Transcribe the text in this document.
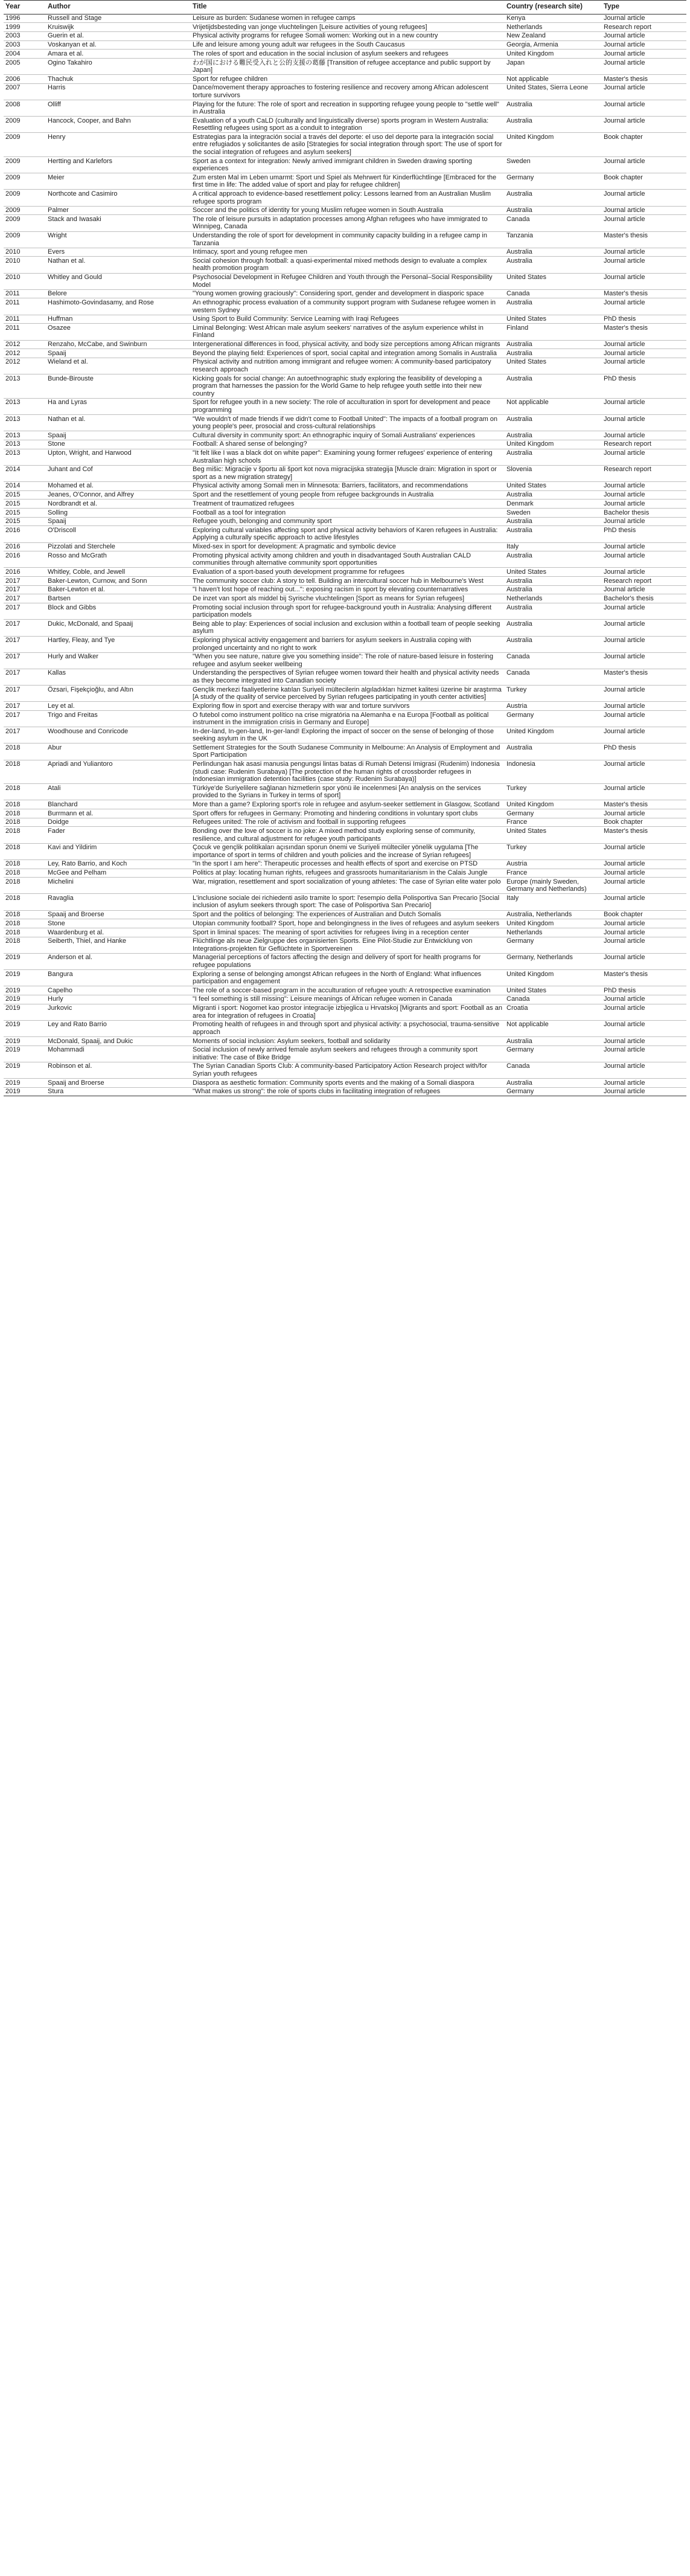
Year	Author	Title	Country (research site)	Type
1996	Russell and Stage	Leisure as burden: Sudanese women in refugee camps	Kenya	Journal article
1999	Kruiswijk	Vrijetijdsbesteding van jonge vluchtelingen [Leisure activities of young refugees]	Netherlands	Research report
2003	Guerin et al.	Physical activity programs for refugee Somali women: Working out in a new country	New Zealand	Journal article
2003	Voskanyan et al.	Life and leisure among young adult war refugees in the South Caucasus	Georgia, Armenia	Journal article
2004	Amara et al.	The roles of sport and education in the social inclusion of asylum seekers and refugees	United Kingdom	Journal article
2005	Ogino Takahiro	わが国における難民受入れと公的支援の葛藤 [Transition of refugee acceptance and public support by Japan]	Japan	Journal article
2006	Thachuk	Sport for refugee children	Not applicable	Master's thesis
2007	Harris	Dance/movement therapy approaches to fostering resilience and recovery among African adolescent torture survivors	United States, Sierra Leone	Journal article
2008	Olliff	Playing for the future: The role of sport and recreation in supporting refugee young people to "settle well" in Australia	Australia	Journal article
2009	Hancock, Cooper, and Bahn	Evaluation of a youth CaLD (culturally and linguistically diverse) sports program in Western Australia: Resettling refugees using sport as a conduit to integration	Australia	Journal article
2009	Henry	Estrategias para la integración social a través del deporte: el uso del deporte para la integración social entre refugiados y solicitantes de asilo [Strategies for social integration through sport: The use of sport for the social integration of refugees and asylum seekers]	United Kingdom	Book chapter
2009	Hertting and Karlefors	Sport as a context for integration: Newly arrived immigrant children in Sweden drawing sporting experiences	Sweden	Journal article
2009	Meier	Zum ersten Mal im Leben umarmt: Sport und Spiel als Mehrwert für Kinderflüchtlinge [Embraced for the first time in life: The added value of sport and play for refugee children]	Germany	Book chapter
2009	Northcote and Casimiro	A critical approach to evidence-based resettlement policy: Lessons learned from an Australian Muslim refugee sports program	Australia	Journal article
2009	Palmer	Soccer and the politics of identity for young Muslim refugee women in South Australia	Australia	Journal article
2009	Stack and Iwasaki	The role of leisure pursuits in adaptation processes among Afghan refugees who have immigrated to Winnipeg, Canada	Canada	Journal article
2009	Wright	Understanding the role of sport for development in community capacity building in a refugee camp in Tanzania	Tanzania	Master's thesis
2010	Evers	Intimacy, sport and young refugee men	Australia	Journal article
2010	Nathan et al.	Social cohesion through football: a quasi-experimental mixed methods design to evaluate a complex health promotion program	Australia	Journal article
2010	Whitley and Gould	Psychosocial Development in Refugee Children and Youth through the Personal–Social Responsibility Model	United States	Journal article
2011	Belore	"Young women growing graciously": Considering sport, gender and development in diasporic space	Canada	Master's thesis
2011	Hashimoto-Govindasamy, and Rose	An ethnographic process evaluation of a community support program with Sudanese refugee women in western Sydney	Australia	Journal article
2011	Huffman	Using Sport to Build Community: Service Learning with Iraqi Refugees	United States	PhD thesis
2011	Osazee	Liminal Belonging: West African male asylum seekers' narratives of the asylum experience whilst in Finland	Finland	Master's thesis
2012	Renzaho, McCabe, and Swinburn	Intergenerational differences in food, physical activity, and body size perceptions among African migrants	Australia	Journal article
2012	Spaaij	Beyond the playing field: Experiences of sport, social capital and integration among Somalis in Australia	Australia	Journal article
2012	Wieland et al.	Physical activity and nutrition among immigrant and refugee women: A community-based participatory research approach	United States	Journal article
2013	Bunde-Birouste	Kicking goals for social change: An autoethnographic study exploring the feasibility of developing a program that harnesses the passion for the World Game to help refugee youth settle into their new country	Australia	PhD thesis
2013	Ha and Lyras	Sport for refugee youth in a new society: The role of acculturation in sport for development and peace programming	Not applicable	Journal article
2013	Nathan et al.	"We wouldn't of made friends if we didn't come to Football United": The impacts of a football program on young people's peer, prosocial and cross-cultural relationships	Australia	Journal article
2013	Spaaij	Cultural diversity in community sport: An ethnographic inquiry of Somali Australians' experiences	Australia	Journal article
2013	Stone	Football: A shared sense of belonging?	United Kingdom	Research report
2013	Upton, Wright, and Harwood	"It felt like I was a black dot on white paper": Examining young former refugees' experience of entering Australian high schools	Australia	Journal article
2014	Juhant and Cof	Beg mišic: Migracije v športu ali šport kot nova migracijska strategija [Muscle drain: Migration in sport or sport as a new migration strategy]	Slovenia	Research report
2014	Mohamed et al.	Physical activity among Somali men in Minnesota: Barriers, facilitators, and recommendations	United States	Journal article
2015	Jeanes, O'Connor, and Alfrey	Sport and the resettlement of young people from refugee backgrounds in Australia	Australia	Journal article
2015	Nordbrandt et al.	Treatment of traumatized refugees	Denmark	Journal article
2015	Solling	Football as a tool for integration	Sweden	Bachelor thesis
2015	Spaaij	Refugee youth, belonging and community sport	Australia	Journal article
2016	O'Driscoll	Exploring cultural variables affecting sport and physical activity behaviors of Karen refugees in Australia: Applying a culturally specific approach to active lifestyles	Australia	PhD thesis
2016	Pizzolati and Sterchele	Mixed-sex in sport for development: A pragmatic and symbolic device	Italy	Journal article
2016	Rosso and McGrath	Promoting physical activity among children and youth in disadvantaged South Australian CALD communities through alternative community sport opportunities	Australia	Journal article
2016	Whitley, Coble, and Jewell	Evaluation of a sport-based youth development programme for refugees	United States	Journal article
2017	Baker-Lewton, Curnow, and Sonn	The community soccer club: A story to tell. Building an intercultural soccer hub in Melbourne's West	Australia	Research report
2017	Baker-Lewton et al.	"I haven't lost hope of reaching out...": exposing racism in sport by elevating counternarratives	Australia	Journal article
2017	Bartsen	De inzet van sport als middel bij Syrische vluchtelingen [Sport as means for Syrian refugees]	Netherlands	Bachelor's thesis
2017	Block and Gibbs	Promoting social inclusion through sport for refugee-background youth in Australia: Analysing different participation models	Australia	Journal article
2017	Dukic, McDonald, and Spaaij	Being able to play: Experiences of social inclusion and exclusion within a football team of people seeking asylum	Australia	Journal article
2017	Hartley, Fleay, and Tye	Exploring physical activity engagement and barriers for asylum seekers in Australia coping with prolonged uncertainty and no right to work	Australia	Journal article
2017	Hurly and Walker	"When you see nature, nature give you something inside": The role of nature-based leisure in fostering refugee and asylum seeker wellbeing	Canada	Journal article
2017	Kallas	Understanding the perspectives of Syrian refugee women toward their health and physical activity needs as they become integrated into Canadian society	Canada	Master's thesis
2017	Özsari, Fişekçioğlu, and Altın	Gençlik merkezi faaliyetlerine katılan Suriyeli mültecilerin algıladıkları hizmet kalitesi üzerine bir araştırma [A study of the quality of service perceived by Syrian refugees participating in youth center activities]	Turkey	Journal article
2017	Ley et al.	Exploring flow in sport and exercise therapy with war and torture survivors	Austria	Journal article
2017	Trigo and Freitas	O futebol como instrument político na crise migratória na Alemanha e na Europa [Football as political instrument in the immigration crisis in Germany and Europe]	Germany	Journal article
2017	Woodhouse and Conricode	In-der-land, In-gen-land, In-ger-land! Exploring the impact of soccer on the sense of belonging of those seeking asylum in the UK	United Kingdom	Journal article
2018	Abur	Settlement Strategies for the South Sudanese Community in Melbourne: An Analysis of Employment and Sport Participation	Australia	PhD thesis
2018	Apriadi and Yuliantoro	Perlindungan hak asasi manusia pengungsi lintas batas di Rumah Detensi Imigrasi (Rudenim) Indonesia (studi case: Rudenim Surabaya) [The protection of the human rights of crossborder refugees in Indonesian immigration detention facilities (case study: Rudenim Surabaya)]	Indonesia	Journal article
2018	Atali	Türkiye'de Suriyelilere sağlanan hizmetlerin spor yönü ile incelenmesi [An analysis on the services provided to the Syrians in Turkey in terms of sport]	Turkey	Journal article
2018	Blanchard	More than a game? Exploring sport's role in refugee and asylum-seeker settlement in Glasgow, Scotland	United Kingdom	Master's thesis
2018	Burrmann et al.	Sport offers for refugees in Germany: Promoting and hindering conditions in voluntary sport clubs	Germany	Journal article
2018	Doidge	Refugees united: The role of activism and football in supporting refugees	France	Book chapter
2018	Fader	Bonding over the love of soccer is no joke: A mixed method study exploring sense of community, resilience, and cultural adjustment for refugee youth participants	United States	Master's thesis
2018	Kavi and Yildirim	Çocuk ve gençlik politikaları açısından sporun önemi ve Suriyeli mülteciler yönelik uygulama [The importance of sport in terms of children and youth policies and the increase of Syrian refugees]	Turkey	Journal article
2018	Ley, Rato Barrio, and Koch	"In the sport I am here": Therapeutic processes and health effects of sport and exercise on PTSD	Austria	Journal article
2018	McGee and Pelham	Politics at play: locating human rights, refugees and grassroots humanitarianism in the Calais Jungle	France	Journal article
2018	Michelini	War, migration, resettlement and sport socialization of young athletes: The case of Syrian elite water polo	Europe (mainly Sweden, Germany and Netherlands)	Journal article
2018	Ravaglia	L'inclusione sociale dei richiedenti asilo tramite lo sport: l'esempio della Polisportiva San Precario [Social inclusion of asylum seekers through sport: The case of Polisportiva San Precario]	Italy	Journal article
2018	Spaaij and Broerse	Sport and the politics of belonging: The experiences of Australian and Dutch Somalis	Australia, Netherlands	Book chapter
2018	Stone	Utopian community football? Sport, hope and belongingness in the lives of refugees and asylum seekers	United Kingdom	Journal article
2018	Waardenburg et al.	Sport in liminal spaces: The meaning of sport activities for refugees living in a reception center	Netherlands	Journal article
2018	Seiberth, Thiel, and Hanke	Flüchtlinge als neue Zielgruppe des organisierten Sports. Eine Pilot-Studie zur Entwicklung von Integrations-projekten für Geflüchtete in Sportvereinen	Germany	Journal article
2019	Anderson et al.	Managerial perceptions of factors affecting the design and delivery of sport for health programs for refugee populations	Germany, Netherlands	Journal article
2019	Bangura	Exploring a sense of belonging amongst African refugees in the North of England: What influences participation and engagement	United Kingdom	Master's thesis
2019	Capelho	The role of a soccer-based program in the acculturation of refugee youth: A retrospective examination	United States	PhD thesis
2019	Hurly	"I feel something is still missing": Leisure meanings of African refugee women in Canada	Canada	Journal article
2019	Jurkovic	Migranti i sport: Nogomet kao prostor integracije izbjeglica u Hrvatskoj [Migrants and sport: Football as an area for integration of refugees in Croatia]	Croatia	Journal article
2019	Ley and Rato Barrio	Promoting health of refugees in and through sport and physical activity: a psychosocial, trauma-sensitive approach	Not applicable	Journal article
2019	McDonald, Spaaij, and Dukic	Moments of social inclusion: Asylum seekers, football and solidarity	Australia	Journal article
2019	Mohammadi	Social inclusion of newly arrived female asylum seekers and refugees through a community sport initiative: The case of Bike Bridge	Germany	Journal article
2019	Robinson et al.	The Syrian Canadian Sports Club: A community-based Participatory Action Research project with/for Syrian youth refugees	Canada	Journal article
2019	Spaaij and Broerse	Diaspora as aesthetic formation: Community sports events and the making of a Somali diaspora	Australia	Journal article
2019	Stura	"What makes us strong": the role of sports clubs in facilitating integration of refugees	Germany	Journal article
